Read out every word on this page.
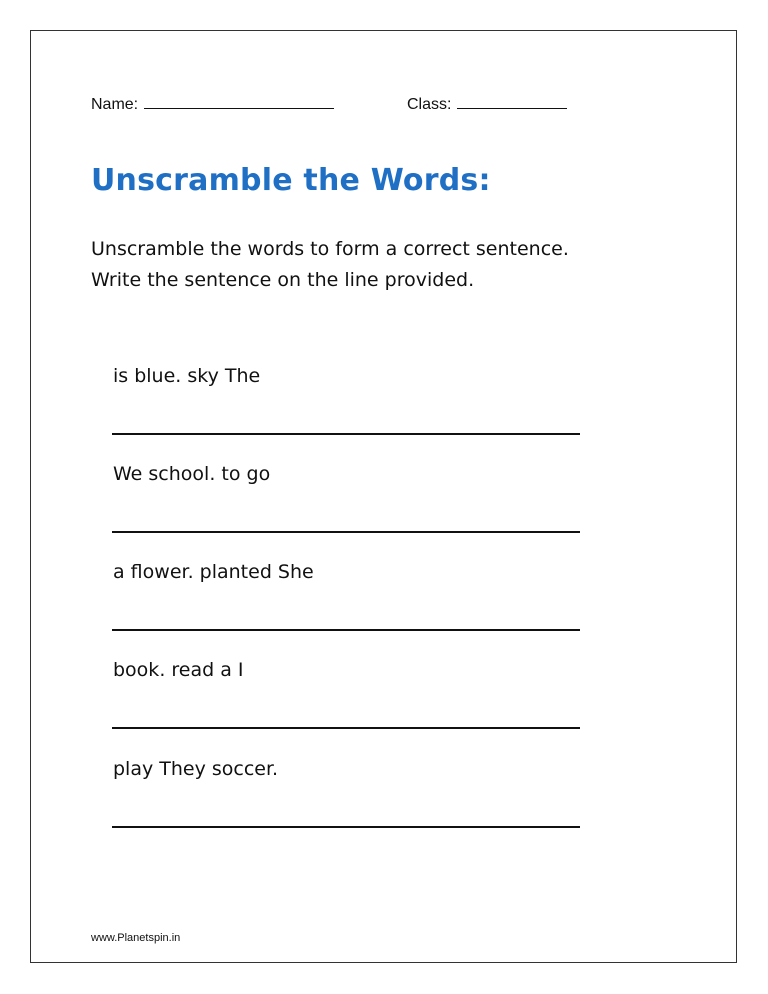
Name:	Class:
Unscramble the Words:
Unscramble the words to form a correct sentence.
Write the sentence on the line provided.
is blue. sky The
We school. to go
a flower. planted She
book. read a I
play They soccer.
www.Planetspin.in
